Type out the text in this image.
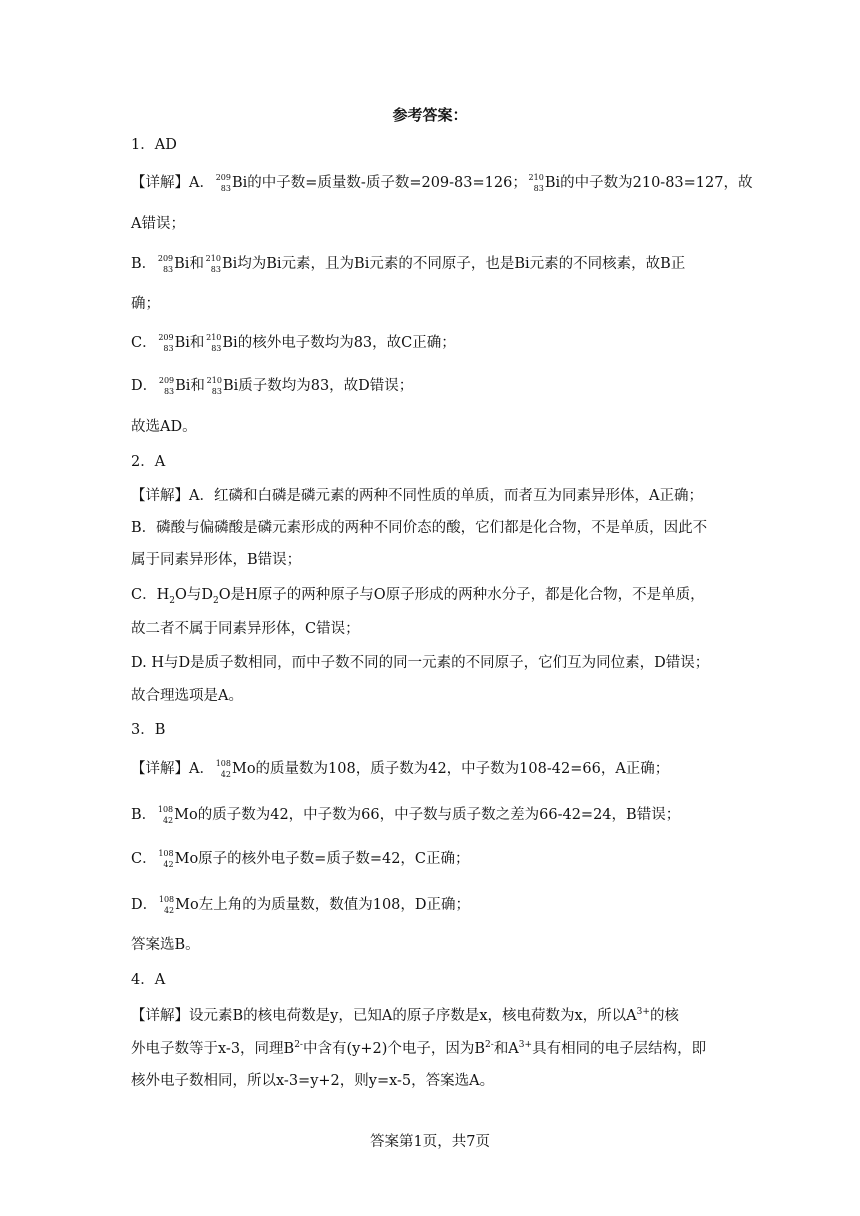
参考答案：
1．AD
【详解】A． 209
83 Bi的中子数=质量数-质子数=209-83=126； 210
83 Bi的中子数为210-83=127，故
A错误；
B． 209
83 Bi和 210
83 Bi均为Bi元素，且为Bi元素的不同原子，也是Bi元素的不同核素，故B正
确；
C． 209
83 Bi和 210
83 Bi的核外电子数均为83，故C正确；
D． 209
83 Bi和 210
83 Bi质子数均为83，故D错误；
故选AD。
2．A
【详解】A．红磷和白磷是磷元素的两种不同性质的单质，而者互为同素异形体，A正确；
B．磷酸与偏磷酸是磷元素形成的两种不同价态的酸，它们都是化合物，不是单质，因此不
属于同素异形体，B错误；
C．$H_2O$与$D_2O$是H原子的两种原子与O原子形成的两种水分子，都是化合物，不是单质，
故二者不属于同素异形体，C错误；
D. H与D是质子数相同，而中子数不同的同一元素的不同原子，它们互为同位素，D错误；
故合理选项是A。
3．B
【详解】A． 108
42 Mo的质量数为108，质子数为42，中子数为108-42=66，A正确；
B． 108
42 Mo的质子数为42，中子数为66，中子数与质子数之差为66-42=24，B错误；
C． 108
42 Mo原子的核外电子数=质子数=42，C正确；
D． 108
42 Mo左上角的为质量数，数值为108，D正确；
答案选B。
4．A
【详解】设元素B的核电荷数是y，已知A的原子序数是x，核电荷数为x，所以$A^{3+}$的核
外电子数等于x-3，同理$B^{2-}$中含有(y+2)个电子，因为$B^{2-}$和$A^{3+}$具有相同的电子层结构，即
核外电子数相同，所以x-3=y+2，则y=x-5，答案选A。
答案第1页，共7页
